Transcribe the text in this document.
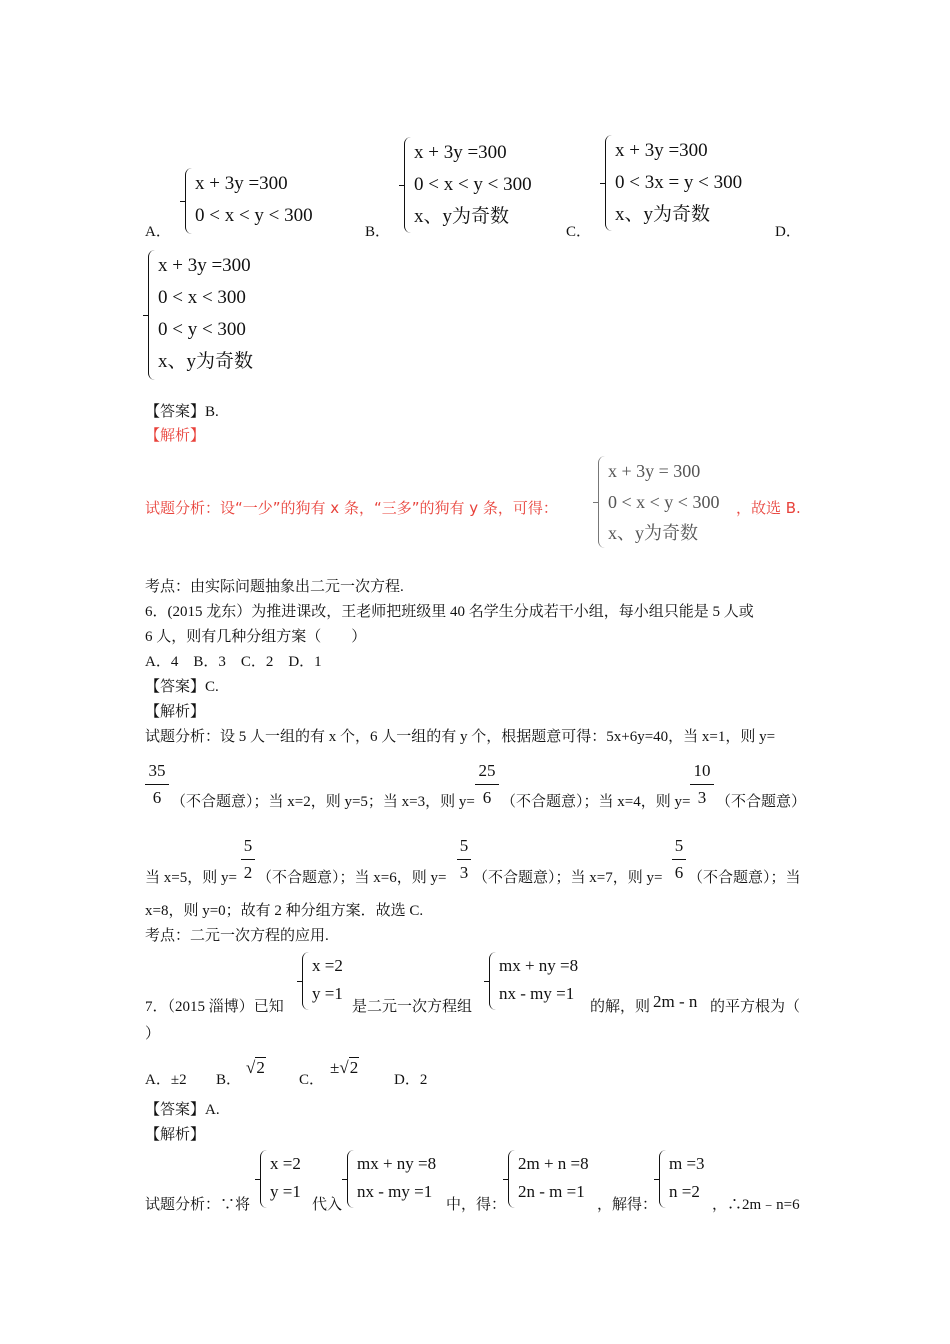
A．
x + 3y =300
0 < x < y < 300
B．
x + 3y =300
0 < x < y < 300
x、y为奇数
C．
x + 3y =300
0 < 3x = y < 300
x、y为奇数
D．
x + 3y =300
0 < x < 300
0 < y < 300
x、y为奇数
【答案】B.
【解析】
试题分析：设“一少”的狗有 x 条，“三多”的狗有 y 条，可得：
x + 3y = 300
0 < x < y < 300
x、y为奇数
，故选 B.
考点：由实际问题抽象出二元一次方程.
6．(2015 龙东）为推进课改，王老师把班级里 40 名学生分成若干小组，每小组只能是 5 人或
6 人，则有几种分组方案（　　）
A．4　B．3　C．2　D．1
【答案】C.
【解析】
试题分析：设 5 人一组的有 x 个，6 人一组的有 y 个，根据题意可得：5x+6y=40，当 x=1，则 y=
35
6 （不合题意）；当 x=2，则 y=5；当 x=3，则 y=
25
6 （不合题意）；当 x=4，则 y=
10
3 （不合题意）
当 x=5，则 y=
5
2 （不合题意）；当 x=6，则 y=
5
3 （不合题意）；当 x=7，则 y=
5
6 （不合题意）；当
x=8，则 y=0；故有 2 种分组方案．故选 C.
考点：二元一次方程的应用.
7．（2015 淄博）已知
x =2
y =1
是二元一次方程组
mx + ny =8
nx - my =1
的解，则 2m - n 的平方根为（
）
A．±2 B．
√2
C．
±√2
D．2
【答案】A.
【解析】
试题分析：∵将
x =2
y =1
代入
mx + ny =8
nx - my =1
中，得：
2m + n =8
2n - m =1
，解得：
m =3
n =2
，∴2m﹣n=6
